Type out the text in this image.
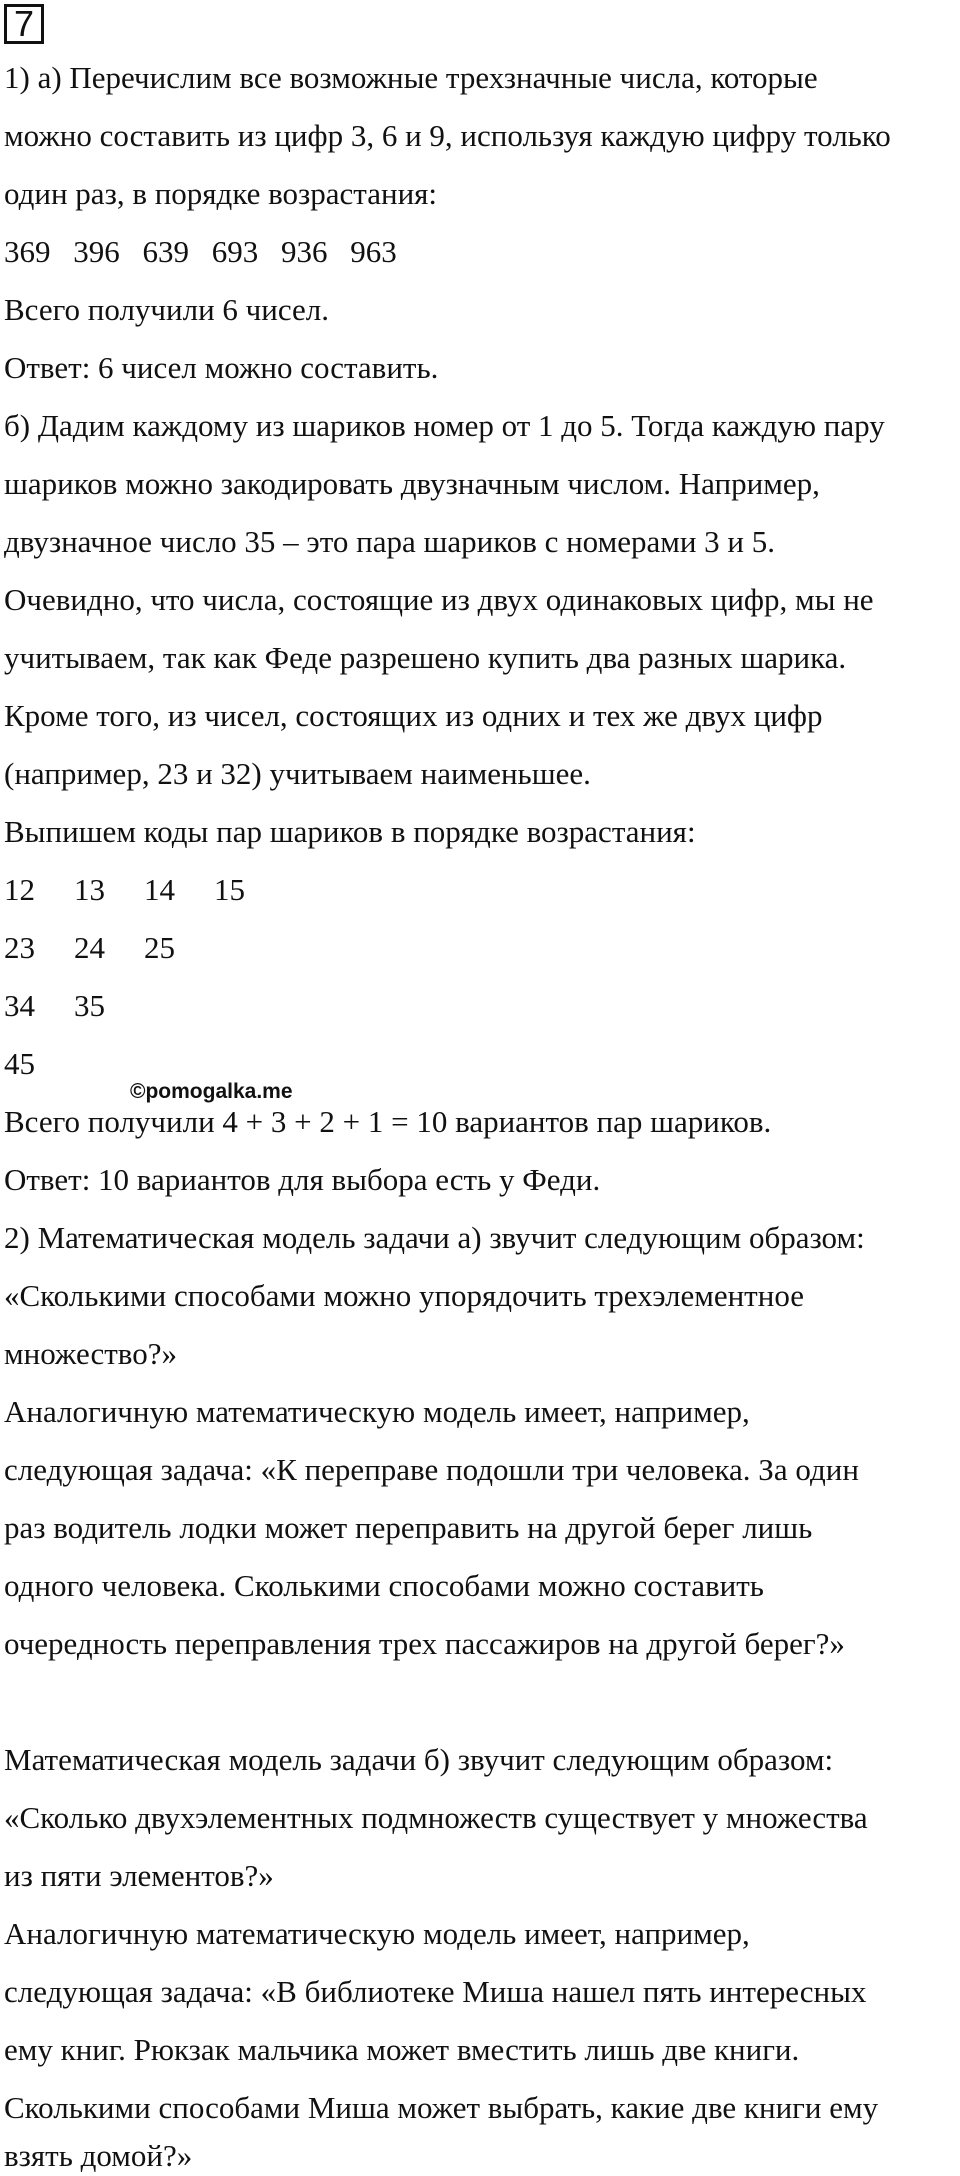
7
1) а) Перечислим все возможные трехзначные числа, которые
можно составить из цифр 3, 6 и 9, используя каждую цифру только
один раз, в порядке возрастания:
369 396 639 693 936 963
Всего получили 6 чисел.
Ответ: 6 чисел можно составить.
б) Дадим каждому из шариков номер от 1 до 5. Тогда каждую пару
шариков можно закодировать двузначным числом. Например,
двузначное число 35 – это пара шариков с номерами 3 и 5.
Очевидно, что числа, состоящие из двух одинаковых цифр, мы не
учитываем, так как Феде разрешено купить два разных шарика.
Кроме того, из чисел, состоящих из одних и тех же двух цифр
(например, 23 и 32) учитываем наименьшее.
Выпишем коды пар шариков в порядке возрастания:
12 13 14 15
23 24 25
34 35
45
©pomogalka.me
Всего получили 4 + 3 + 2 + 1 = 10 вариантов пар шариков.
Ответ: 10 вариантов для выбора есть у Феди.
2) Математическая модель задачи а) звучит следующим образом:
«Сколькими способами можно упорядочить трехэлементное
множество?»
Аналогичную математическую модель имеет, например,
следующая задача: «К переправе подошли три человека. За один
раз водитель лодки может переправить на другой берег лишь
одного человека. Сколькими способами можно составить
очередность переправления трех пассажиров на другой берег?»
Математическая модель задачи б) звучит следующим образом:
«Сколько двухэлементных подмножеств существует у множества
из пяти элементов?»
Аналогичную математическую модель имеет, например,
следующая задача: «В библиотеке Миша нашел пять интересных
ему книг. Рюкзак мальчика может вместить лишь две книги.
Сколькими способами Миша может выбрать, какие две книги ему
взять домой?»
